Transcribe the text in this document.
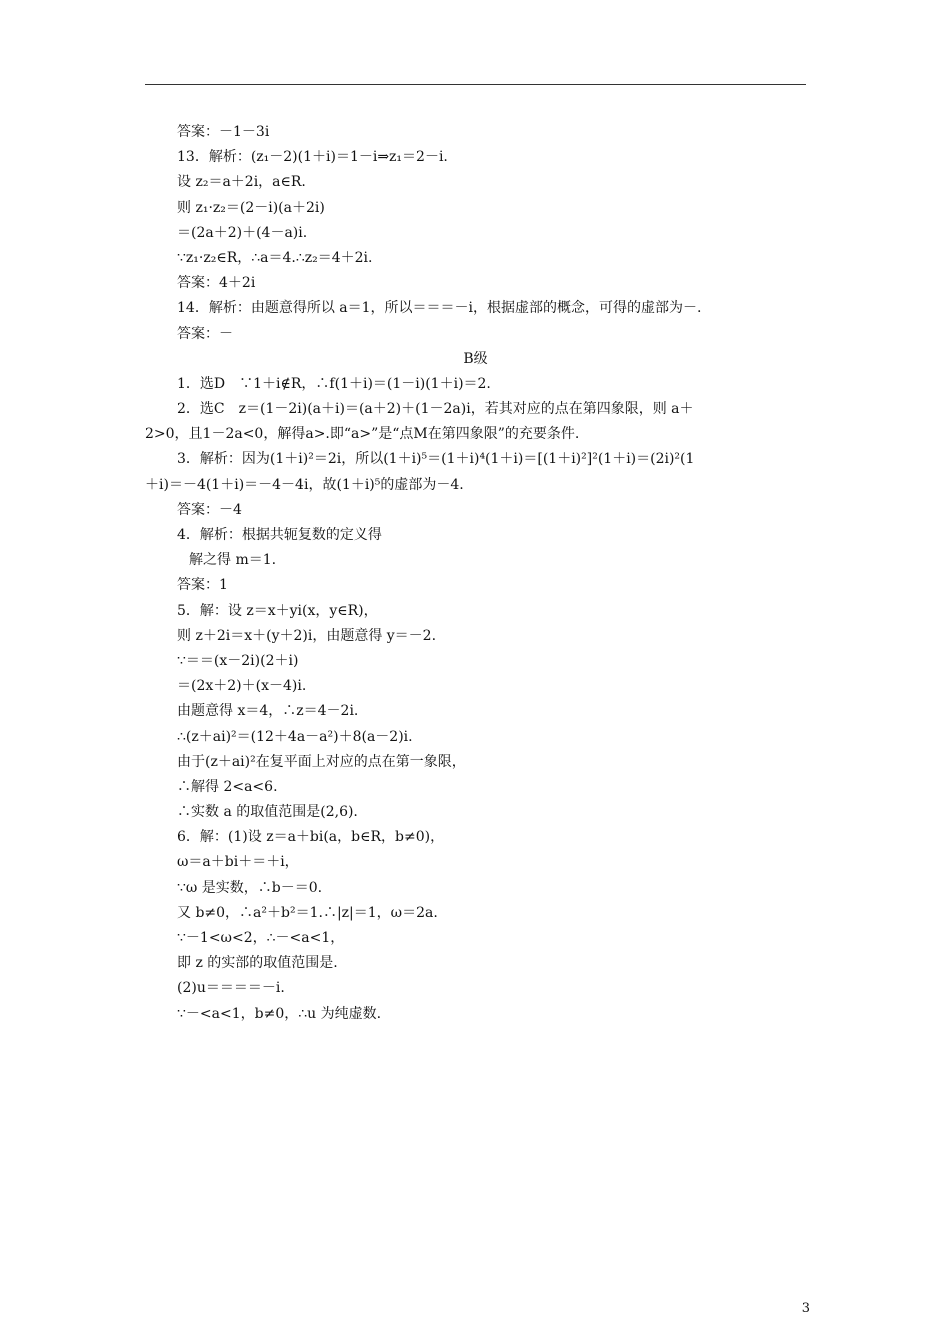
答案：－1－3i
13．解析：(z₁－2)(1＋i)＝1－i⇒z₁＝2－i.
设 z₂＝a＋2i，a∈R.
则 z₁·z₂＝(2－i)(a＋2i)
＝(2a＋2)＋(4－a)i.
∵z₁·z₂∈R，∴a＝4.∴z₂＝4＋2i.
答案：4＋2i
14．解析：由题意得所以 a＝1，所以＝＝＝－i，根据虚部的概念，可得的虚部为－.
答案：－
B级
1．选D　∵1＋i∉R，∴f(1＋i)＝(1－i)(1＋i)＝2.
2．选C　z＝(1－2i)(a＋i)＝(a＋2)＋(1－2a)i，若其对应的点在第四象限，则 a＋
2>0，且1－2a<0，解得a>.即“a>”是“点M在第四象限”的充要条件.
3．解析：因为(1＋i)²＝2i，所以(1＋i)⁵＝(1＋i)⁴(1＋i)＝[(1＋i)²]²(1＋i)＝(2i)²(1
＋i)＝－4(1＋i)＝－4－4i，故(1＋i)⁵的虚部为－4.
答案：－4
4．解析：根据共轭复数的定义得
解之得 m＝1.
答案：1
5．解：设 z＝x＋yi(x，y∈R)，
则 z＋2i＝x＋(y＋2)i，由题意得 y＝－2.
∵＝＝(x－2i)(2＋i)
＝(2x＋2)＋(x－4)i.
由题意得 x＝4，∴z＝4－2i.
∴(z＋ai)²＝(12＋4a－a²)＋8(a－2)i.
由于(z＋ai)²在复平面上对应的点在第一象限，
∴解得 2<a<6.
∴实数 a 的取值范围是(2,6).
6．解：(1)设 z＝a＋bi(a，b∈R，b≠0)，
ω＝a＋bi＋＝＋i，
∵ω 是实数，∴b－＝0.
又 b≠0，∴a²＋b²＝1.∴|z|＝1，ω＝2a.
∵－1<ω<2，∴－<a<1，
即 z 的实部的取值范围是.
(2)u＝＝＝＝－i.
∵－<a<1，b≠0，∴u 为纯虚数.
3
